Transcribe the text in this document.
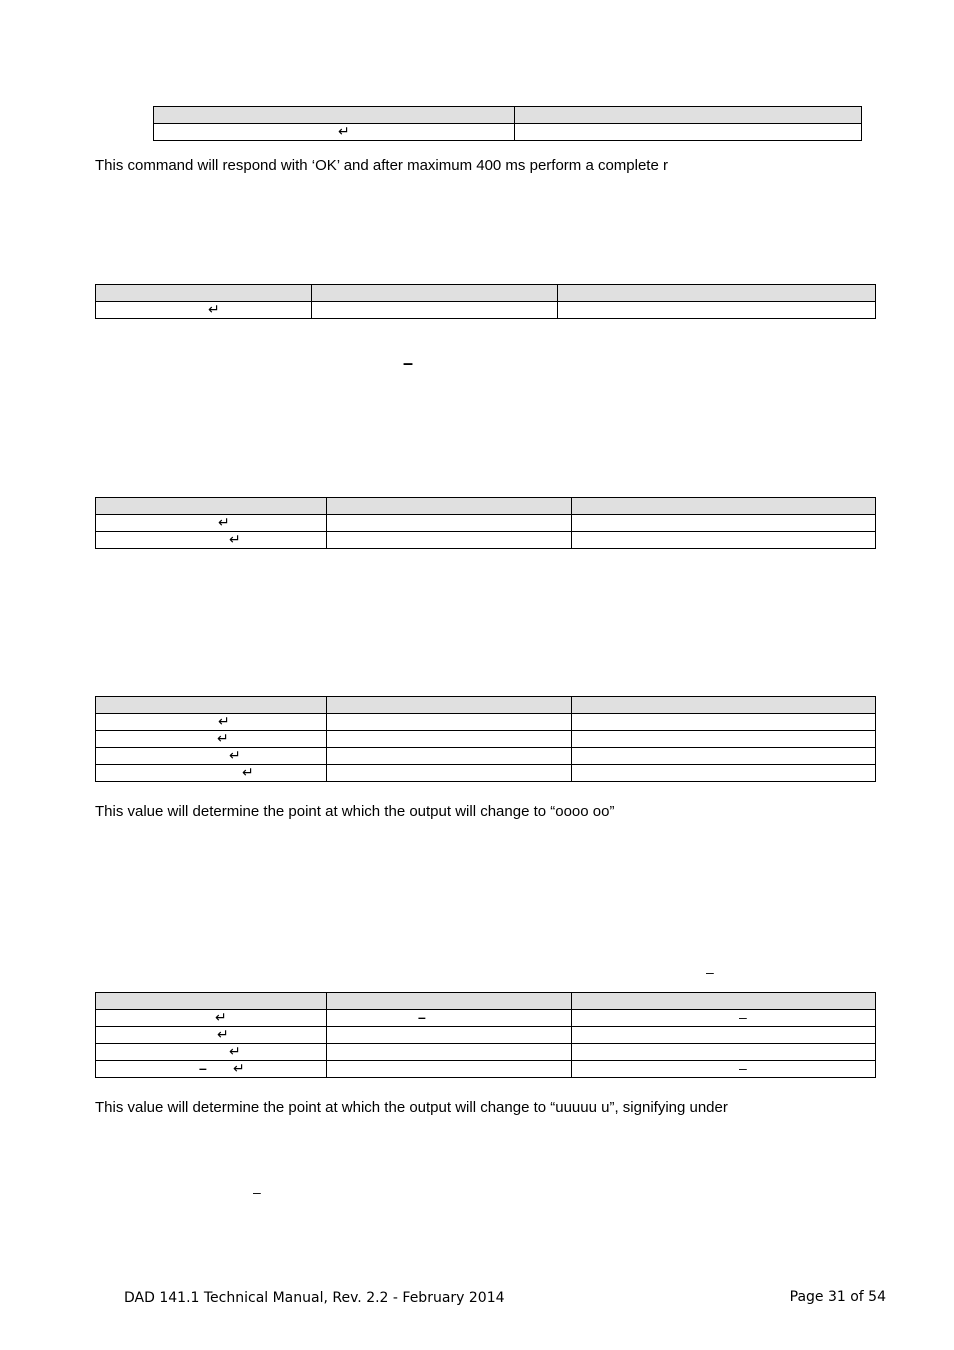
↵	

This command will respond with ‘OK’ and after maximum 400 ms perform a complete r

↵		

–

↵		

↵		

↵		

↵		

↵		

↵		

This value will determine the point at which the output will change to “oooo oo”
–

↵	–	–

↵		

↵		

– ↵		–
This value will determine the point at which the output will change to “uuuuu u”, signifying under
–
DAD 141.1 Technical Manual, Rev. 2.2 - February 2014	Page 31 of 54
